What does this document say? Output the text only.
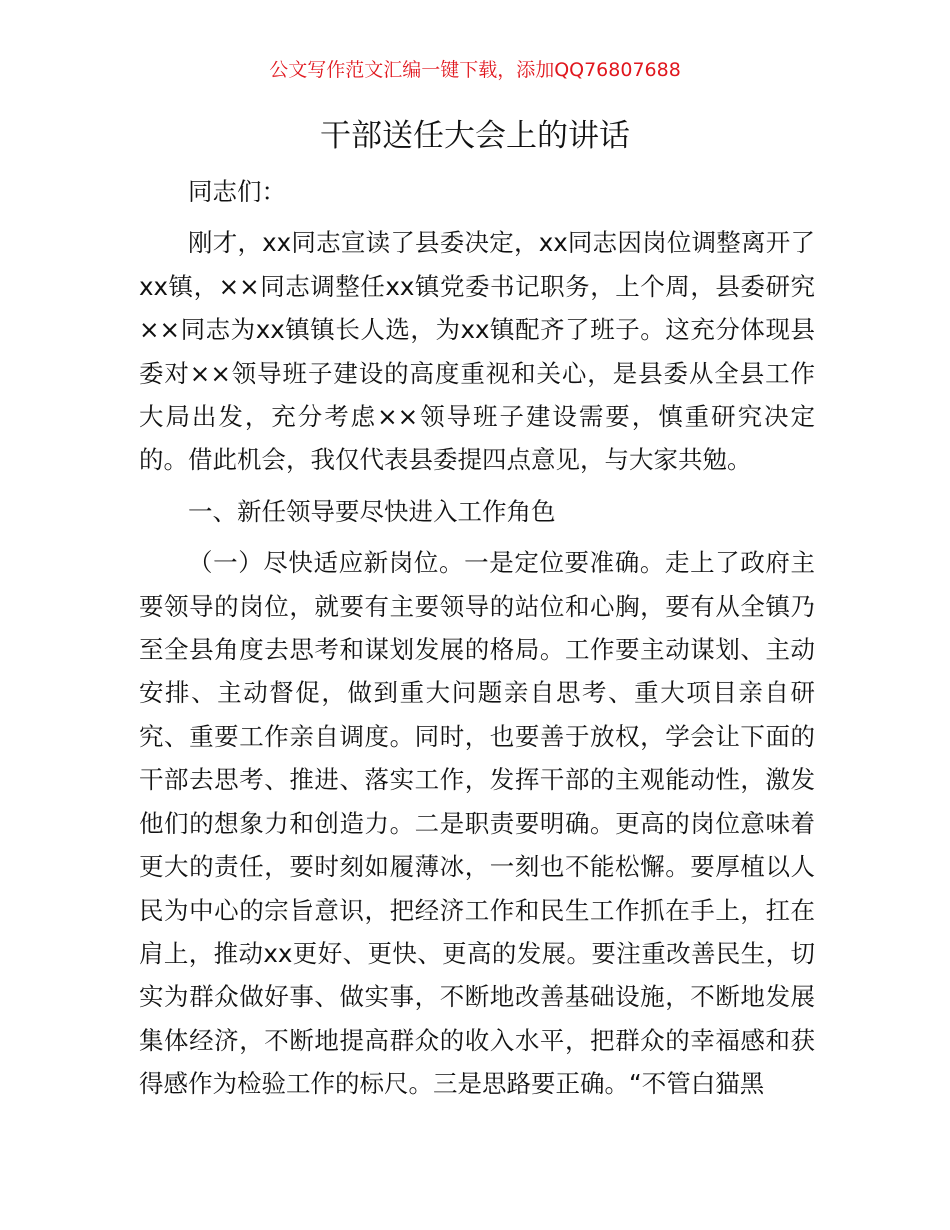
公文写作范文汇编一键下载，添加QQ76807688
干部送任大会上的讲话

同志们：

刚才，xx同志宣读了县委决定，xx同志因岗位调整离开了xx镇，××同志调整任xx镇党委书记职务，上个周，县委研究××同志为xx镇镇长人选，为xx镇配齐了班子。这充分体现县委对××领导班子建设的高度重视和关心，是县委从全县工作大局出发，充分考虑××领导班子建设需要，慎重研究决定的。借此机会，我仅代表县委提四点意见，与大家共勉。

一、新任领导要尽快进入工作角色

（一）尽快适应新岗位。一是定位要准确。走上了政府主要领导的岗位，就要有主要领导的站位和心胸，要有从全镇乃至全县角度去思考和谋划发展的格局。工作要主动谋划、主动安排、主动督促，做到重大问题亲自思考、重大项目亲自研究、重要工作亲自调度。同时，也要善于放权，学会让下面的干部去思考、推进、落实工作，发挥干部的主观能动性，激发他们的想象力和创造力。二是职责要明确。更高的岗位意味着更大的责任，要时刻如履薄冰，一刻也不能松懈。要厚植以人民为中心的宗旨意识，把经济工作和民生工作抓在手上，扛在肩上，推动xx更好、更快、更高的发展。要注重改善民生，切实为群众做好事、做实事，不断地改善基础设施，不断地发展集体经济，不断地提高群众的收入水平，把群众的幸福感和获得感作为检验工作的标尺。三是思路要正确。“不管白猫黑
